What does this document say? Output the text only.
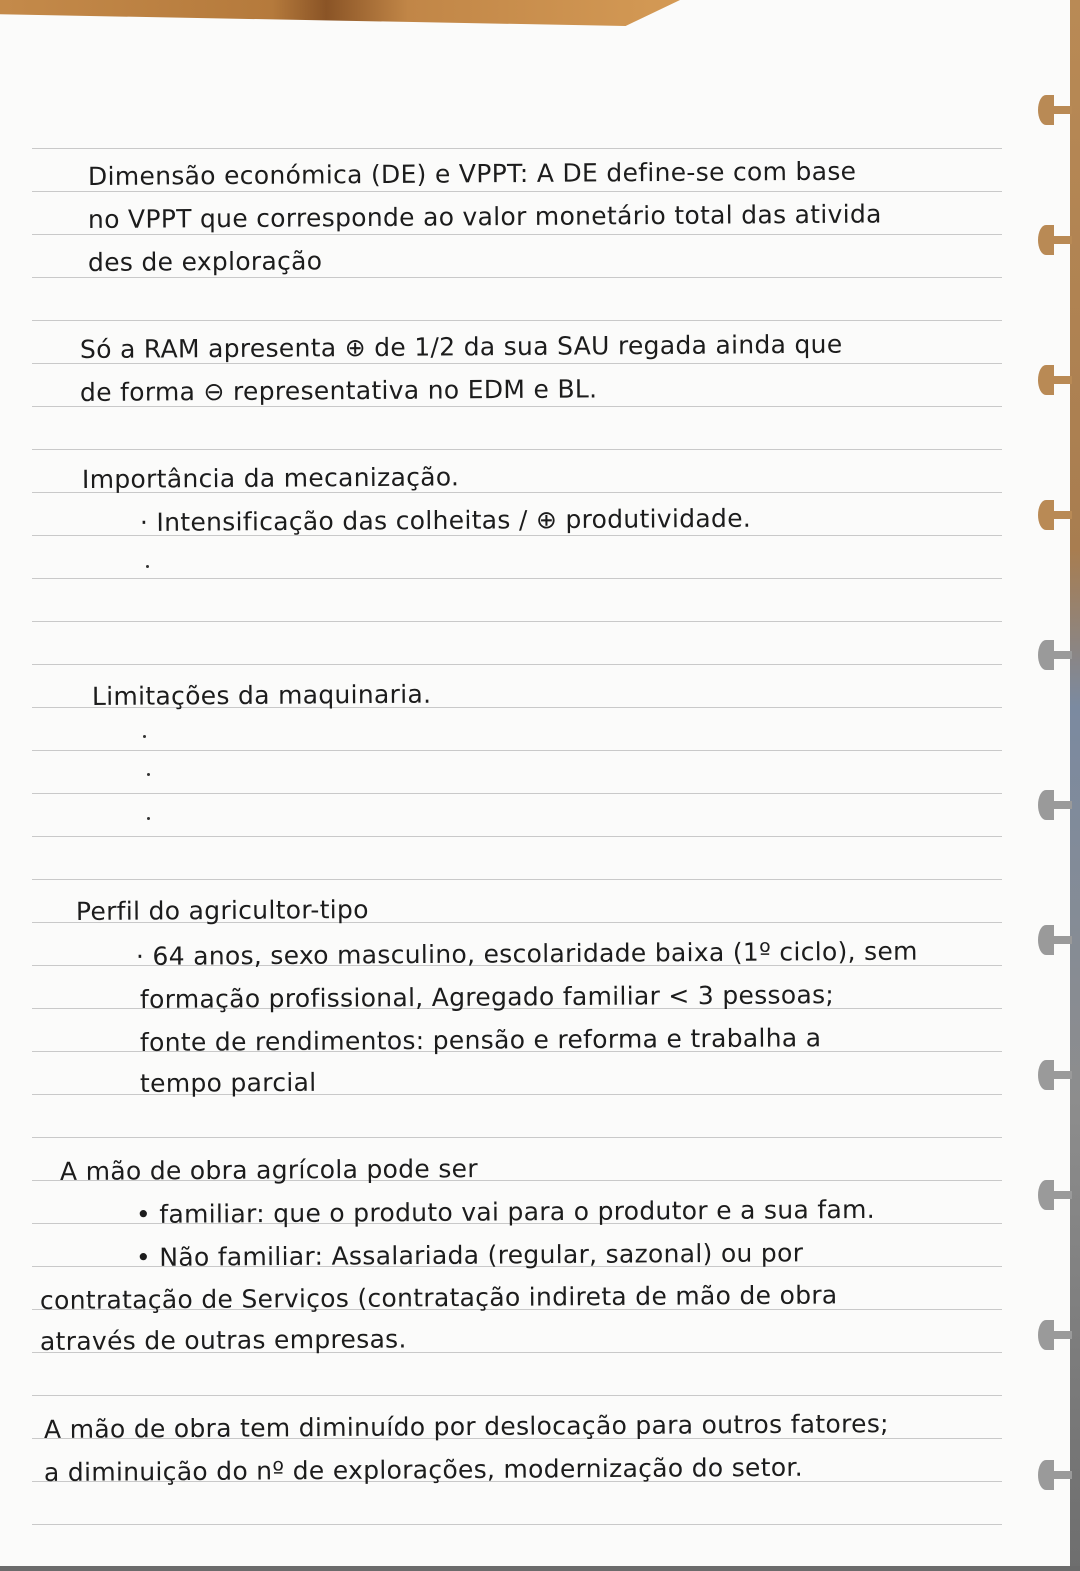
Dimensão económica (DE) e VPPT: A DE define-se com base
no VPPT que corresponde ao valor monetário total das ativida
des de exploração
Só a RAM apresenta ⊕ de 1/2 da sua SAU regada ainda que
de forma ⊖ representativa no EDM e BL.
Importância da mecanização.
· Intensificação das colheitas / ⊕ produtividade.
Limitações da maquinaria.
Perfil do agricultor-tipo
· 64 anos, sexo masculino, escolaridade baixa (1º ciclo), sem
formação profissional, Agregado familiar < 3 pessoas;
fonte de rendimentos: pensão e reforma e trabalha a
tempo parcial
A mão de obra agrícola pode ser
• familiar: que o produto vai para o produtor e a sua fam.
• Não familiar: Assalariada (regular, sazonal) ou por
contratação de Serviços (contratação indireta de mão de obra
através de outras empresas.
A mão de obra tem diminuído por deslocação para outros fatores;
a diminuição do nº de explorações, modernização do setor.
